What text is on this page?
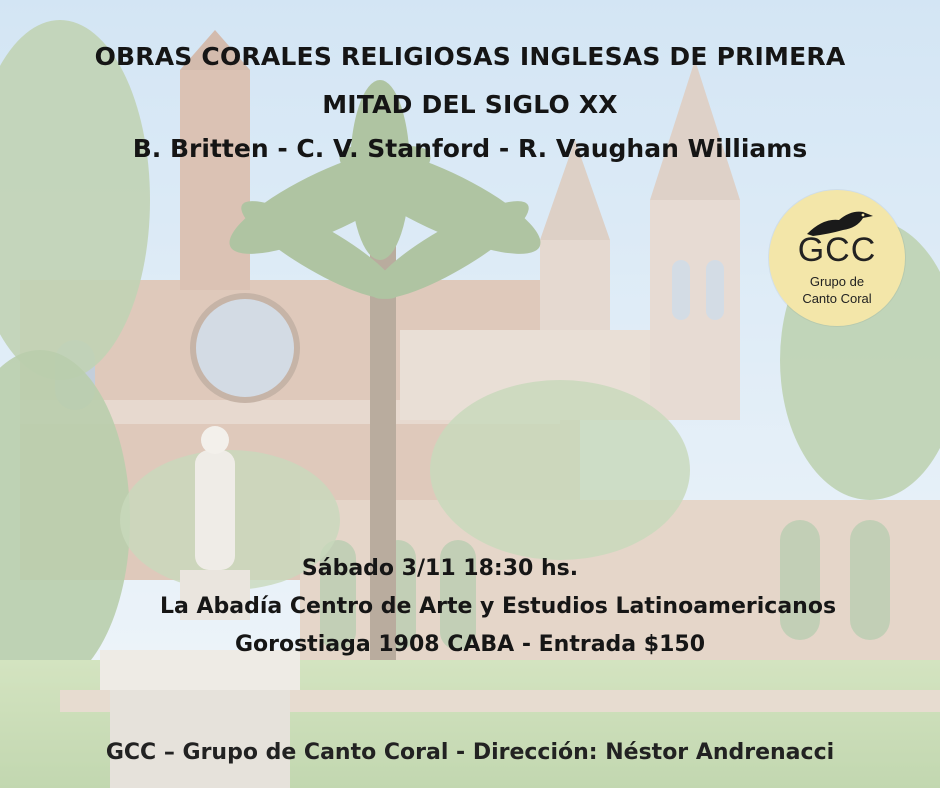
OBRAS CORALES RELIGIOSAS INGLESAS DE PRIMERA
MITAD DEL SIGLO XX
B. Britten - C. V. Stanford - R. Vaughan Williams
GCC
Grupo de
Canto Coral
Sábado 3/11 18:30 hs.
La Abadía Centro de Arte y Estudios Latinoamericanos
Gorostiaga 1908 CABA - Entrada $150
GCC – Grupo de Canto Coral - Dirección: Néstor Andrenacci
